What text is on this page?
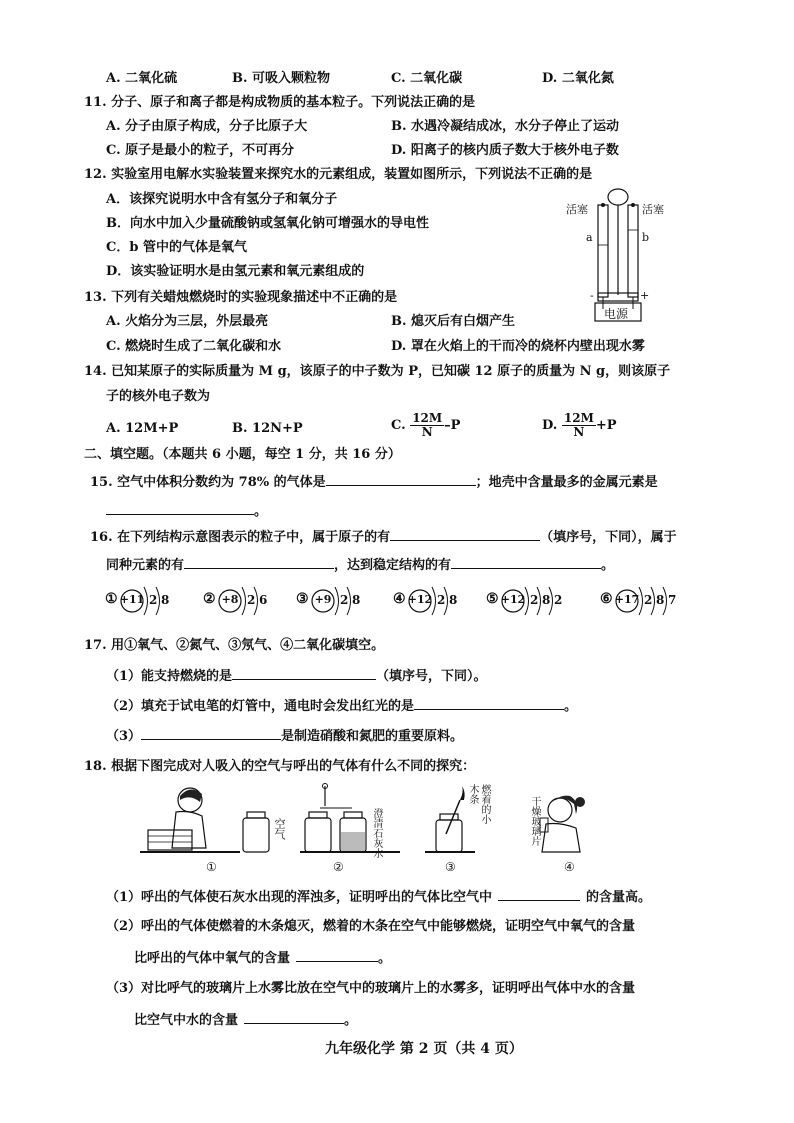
A. 二氧化硫	B. 可吸入颗粒物	C. 二氧化碳	D. 二氧化氮
11. 分子、原子和离子都是构成物质的基本粒子。下列说法正确的是
A. 分子由原子构成，分子比原子大	B. 水遇冷凝结成冰，水分子停止了运动
C. 原子是最小的粒子，不可再分	D. 阳离子的核内质子数大于核外电子数
12. 实验室用电解水实验装置来探究水的元素组成，装置如图所示，下列说法不正确的是
A．该探究说明水中含有氢分子和氧分子
B．向水中加入少量硫酸钠或氢氧化钠可增强水的导电性
C．b 管中的气体是氧气
D．该实验证明水是由氢元素和氧元素组成的
活塞	活塞
a	b
-	+
电源
13. 下列有关蜡烛燃烧时的实验现象描述中不正确的是
A. 火焰分为三层，外层最亮	B. 熄灭后有白烟产生
C. 燃烧时生成了二氧化碳和水	D. 罩在火焰上的干而冷的烧杯内壁出现水雾
14. 已知某原子的实际质量为 M g，该原子的中子数为 P，已知碳 12 原子的质量为 N g，则该原子
子的核外电子数为
A. 12M+P	B. 12N+P	C. $\frac{12M}{N} -P$	D. $\frac{12M}{N} +P$
二、填空题。（本题共 6 小题，每空 1 分，共 16 分）
15. 空气中体积分数约为 78% 的气体是	；地壳中含量最多的金属元素是
。
16. 在下列结构示意图表示的粒子中，属于原子的有	（填序号，下同），属于
同种元素的有	，达到稳定结构的有	。
① +11 2 8 ② +8 2 6 ③ +9 2 8 ④ +12 2 8 ⑤ +12 2 8 2	⑥ +17 2 8 7
17. 用①氧气、②氮气、③氖气、④二氧化碳填空。
（1）能支持燃烧的是	（填序号，下同）。
（2）填充于试电笔的灯管中，通电时会发出红光的是	。
（3）	是制造硝酸和氮肥的重要原料。
18. 根据下图完成对人吸入的空气与呼出的气体有什么不同的探究：
空气	澄清石灰水
燃着的小木条
干燥玻璃片
①	②	③	④
（1）呼出的气体使石灰水出现的浑浊多，证明呼出的气体比空气中	的含量高。
（2）呼出的气体使燃着的木条熄灭，燃着的木条在空气中能够燃烧，证明空气中氧气的含量
比呼出的气体中氧气的含量	。
（3）对比呼气的玻璃片上水雾比放在空气中的玻璃片上的水雾多，证明呼出气体中水的含量
比空气中水的含量	。
九年级化学 第 2 页（共 4 页）
